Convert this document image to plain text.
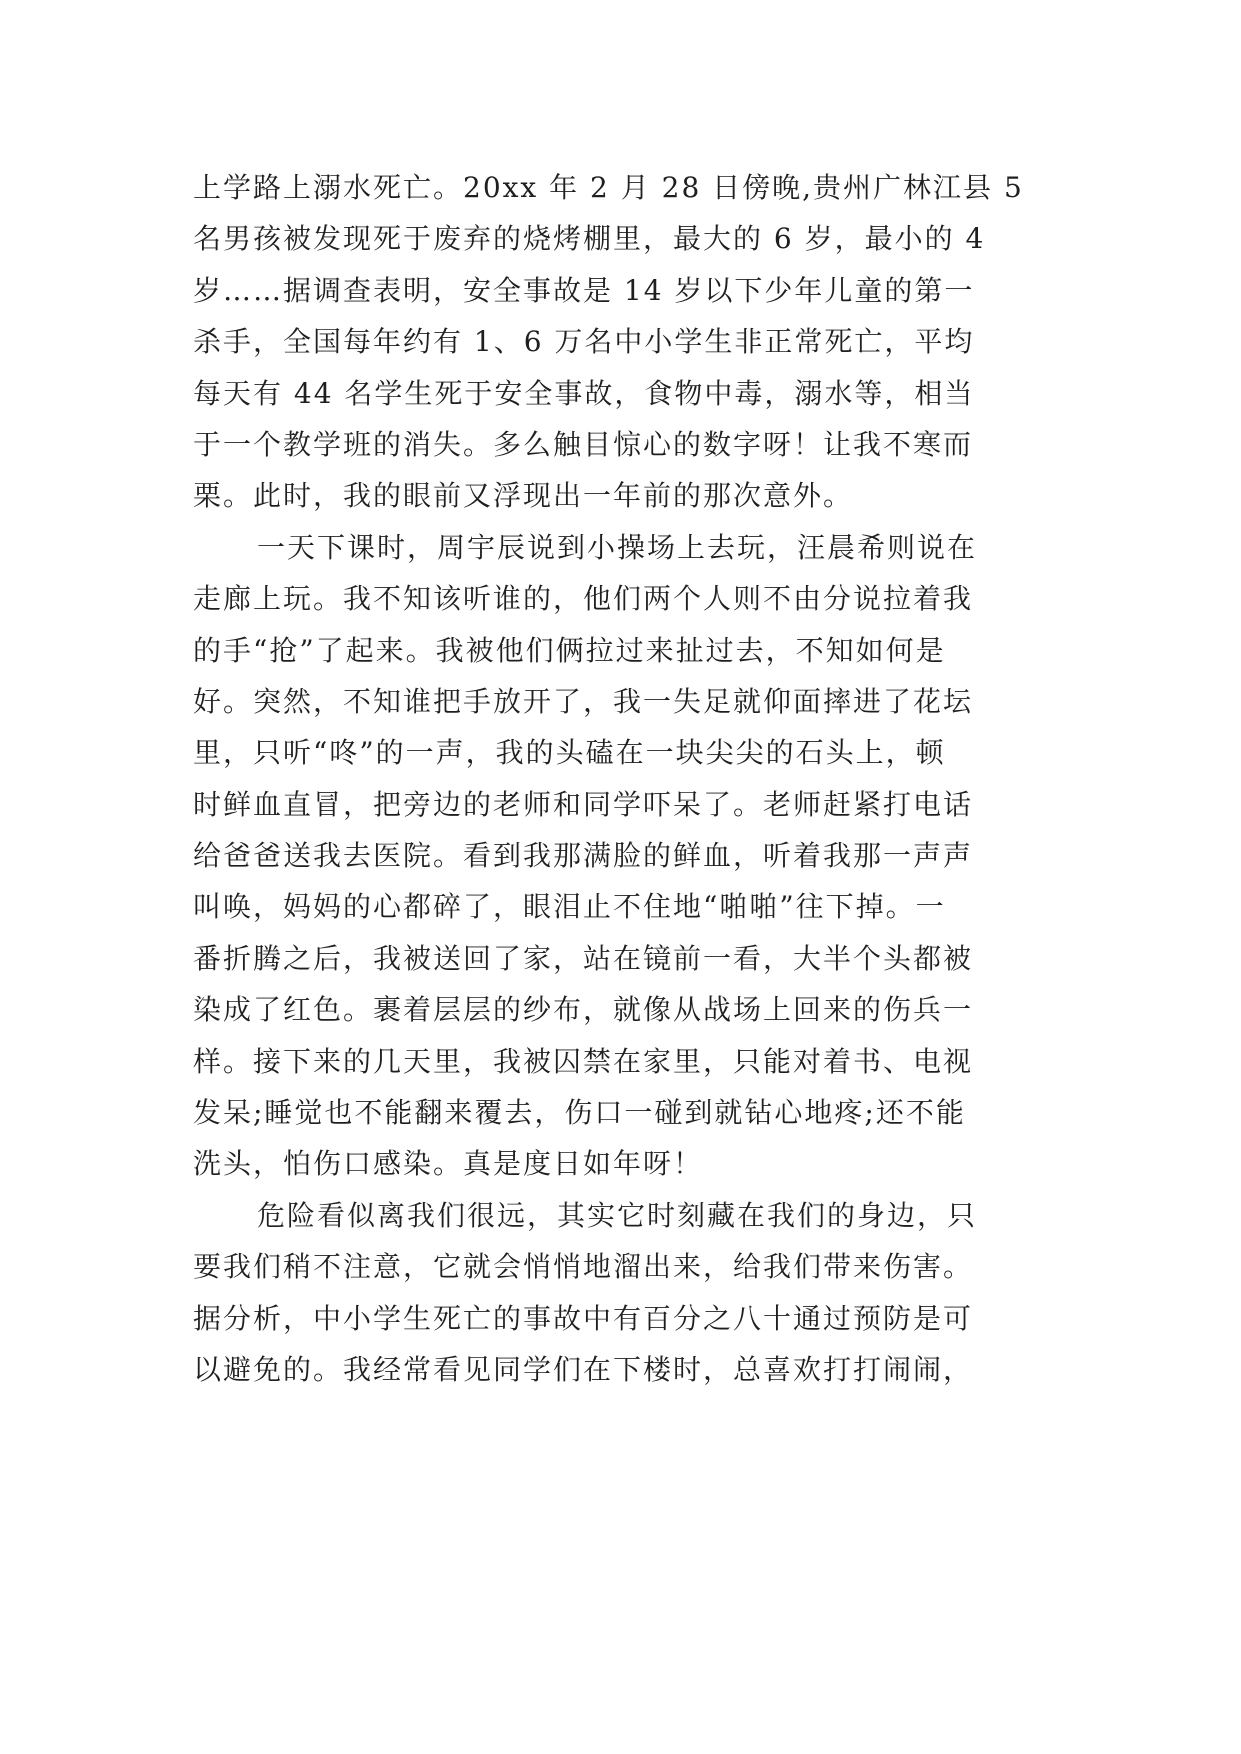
上学路上溺水死亡。20xx 年 2 月 28 日傍晚,贵州广林江县 5
名男孩被发现死于废弃的烧烤棚里，最大的 6 岁，最小的 4
岁……据调查表明，安全事故是 14 岁以下少年儿童的第一
杀手，全国每年约有 1、6 万名中小学生非正常死亡，平均
每天有 44 名学生死于安全事故，食物中毒，溺水等，相当
于一个教学班的消失。多么触目惊心的数字呀！让我不寒而
栗。此时，我的眼前又浮现出一年前的那次意外。
一天下课时，周宇辰说到小操场上去玩，汪晨希则说在
走廊上玩。我不知该听谁的，他们两个人则不由分说拉着我
的手“抢”了起来。我被他们俩拉过来扯过去，不知如何是
好。突然，不知谁把手放开了，我一失足就仰面摔进了花坛
里，只听“咚”的一声，我的头磕在一块尖尖的石头上，顿
时鲜血直冒，把旁边的老师和同学吓呆了。老师赶紧打电话
给爸爸送我去医院。看到我那满脸的鲜血，听着我那一声声
叫唤，妈妈的心都碎了，眼泪止不住地“啪啪”往下掉。一
番折腾之后，我被送回了家，站在镜前一看，大半个头都被
染成了红色。裹着层层的纱布，就像从战场上回来的伤兵一
样。接下来的几天里，我被囚禁在家里，只能对着书、电视
发呆;睡觉也不能翻来覆去，伤口一碰到就钻心地疼;还不能
洗头，怕伤口感染。真是度日如年呀！
危险看似离我们很远，其实它时刻藏在我们的身边，只
要我们稍不注意，它就会悄悄地溜出来，给我们带来伤害。
据分析，中小学生死亡的事故中有百分之八十通过预防是可
以避免的。我经常看见同学们在下楼时，总喜欢打打闹闹，
